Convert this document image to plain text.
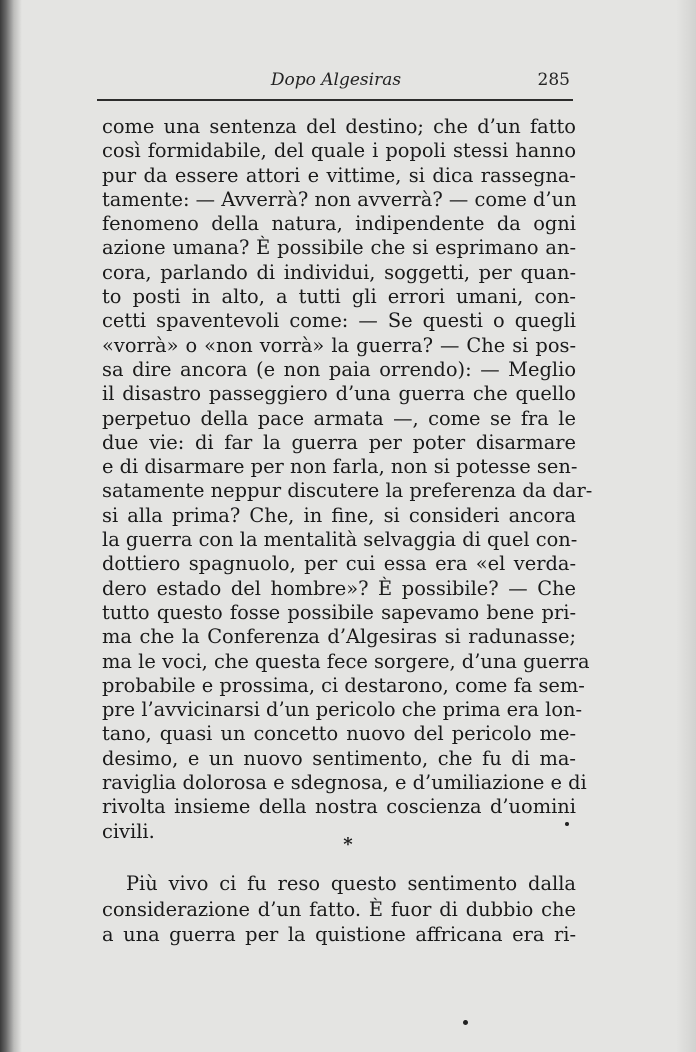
Dopo Algesiras	285
come una sentenza del destino; che d’un fatto
così formidabile, del quale i popoli stessi hanno
pur da essere attori e vittime, si dica rassegna-
tamente: — Avverrà? non avverrà? — come d’un
fenomeno della natura, indipendente da ogni
azione umana? È possibile che si esprimano an-
cora, parlando di individui, soggetti, per quan-
to posti in alto, a tutti gli errori umani, con-
cetti spaventevoli come: — Se questi o quegli
«vorrà» o «non vorrà» la guerra? — Che si pos-
sa dire ancora (e non paia orrendo): — Meglio
il disastro passeggiero d’una guerra che quello
perpetuo della pace armata —, come se fra le
due vie: di far la guerra per poter disarmare
e di disarmare per non farla, non si potesse sen-
satamente neppur discutere la preferenza da dar-
si alla prima? Che, in fine, si consideri ancora
la guerra con la mentalità selvaggia di quel con-
dottiero spagnuolo, per cui essa era «el verda-
dero estado del hombre»? È possibile? — Che
tutto questo fosse possibile sapevamo bene pri-
ma che la Conferenza d’Algesiras si radunasse;
ma le voci, che questa fece sorgere, d’una guerra
probabile e prossima, ci destarono, come fa sem-
pre l’avvicinarsi d’un pericolo che prima era lon-
tano, quasi un concetto nuovo del pericolo me-
desimo, e un nuovo sentimento, che fu di ma-
raviglia dolorosa e sdegnosa, e d’umiliazione e di
rivolta insieme della nostra coscienza d’uomini
civili.
*
Più vivo ci fu reso questo sentimento dalla
considerazione d’un fatto. È fuor di dubbio che
a una guerra per la quistione affricana era ri-
